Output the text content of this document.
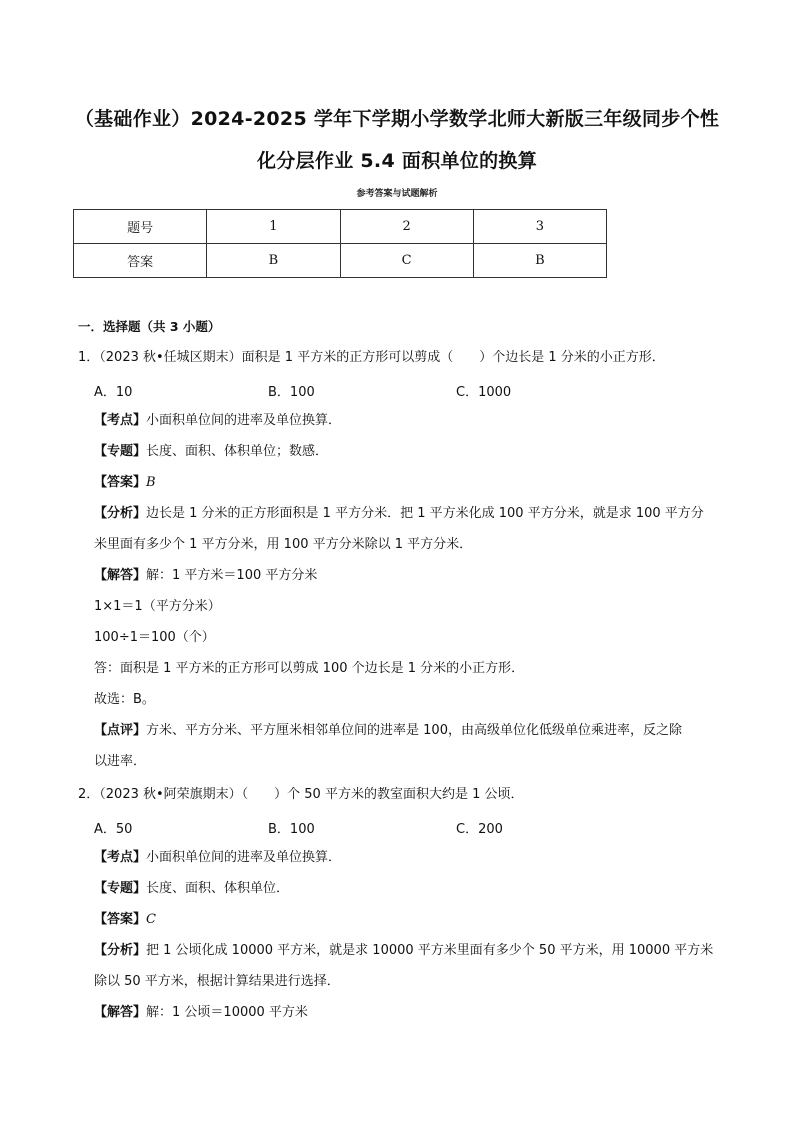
（基础作业）2024-2025 学年下学期小学数学北师大新版三年级同步个性
化分层作业 5.4 面积单位的换算
参考答案与试题解析
题号	1	2	3
答案	B	C	B
一．选择题（共 3 小题）
1．（2023 秋•任城区期末）面积是 1 平方米的正方形可以剪成（　　）个边长是 1 分米的小正方形．
A．10	B．100	C．1000
【考点】小面积单位间的进率及单位换算．
【专题】长度、面积、体积单位；数感．
【答案】B
【分析】边长是 1 分米的正方形面积是 1 平方分米．把 1 平方米化成 100 平方分米，就是求 100 平方分
米里面有多少个 1 平方分米，用 100 平方分米除以 1 平方分米．
【解答】解：1 平方米＝100 平方分米
1×1＝1（平方分米）
100÷1＝100（个）
答：面积是 1 平方米的正方形可以剪成 100 个边长是 1 分米的小正方形．
故选：B。
【点评】方米、平方分米、平方厘米相邻单位间的进率是 100，由高级单位化低级单位乘进率，反之除
以进率．
2．（2023 秋•阿荣旗期末）（　　）个 50 平方米的教室面积大约是 1 公顷．
A．50	B．100	C．200
【考点】小面积单位间的进率及单位换算．
【专题】长度、面积、体积单位．
【答案】C
【分析】把 1 公顷化成 10000 平方米，就是求 10000 平方米里面有多少个 50 平方米，用 10000 平方米
除以 50 平方米，根据计算结果进行选择．
【解答】解：1 公顷＝10000 平方米
